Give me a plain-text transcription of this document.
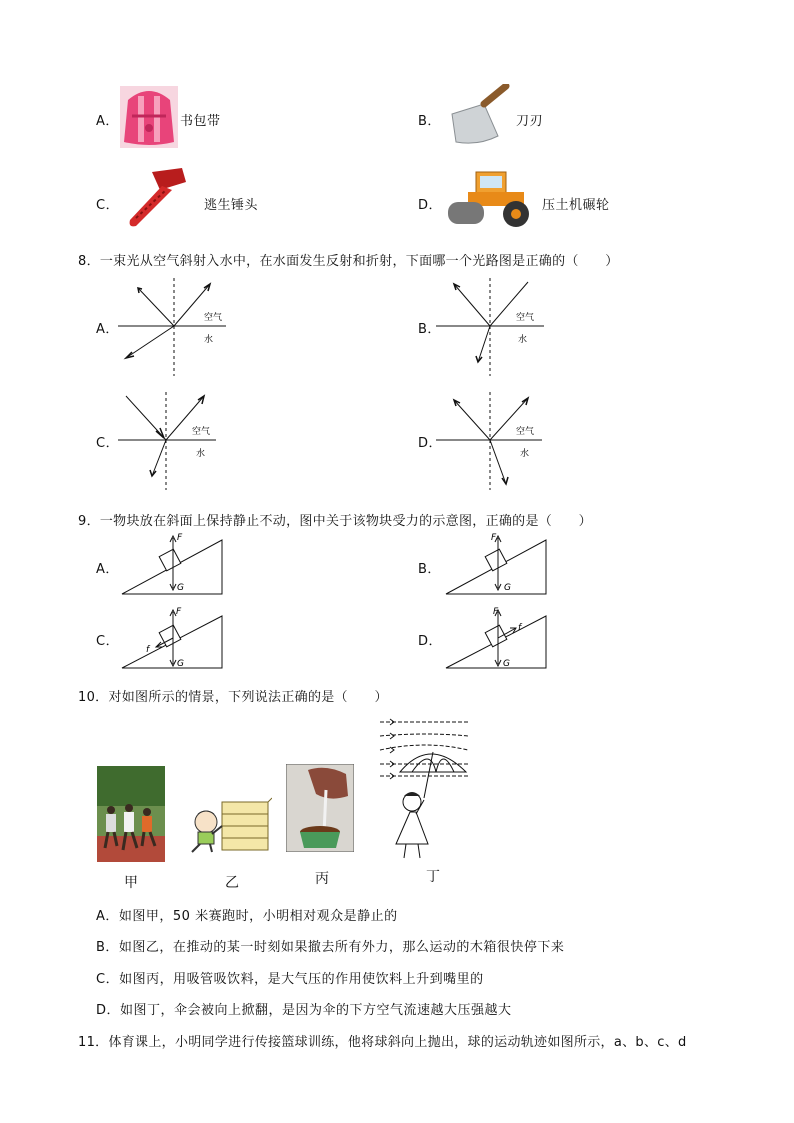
A．	书包带	B．	刀刃
C．	逃生锤头	D．	压土机碾轮
8．一束光从空气斜射入水中，在水面发生反射和折射，下面哪一个光路图是正确的（　　）
A．
空气
水
B．
空气
水
C．
空气
水
D．
空气
水
9．一物块放在斜面上保持静止不动，图中关于该物块受力的示意图，正确的是（　　）
A．
F
G
B．
F
G
C．
F
f
G
D．
F
f
G
10．对如图所示的情景，下列说法正确的是（　　）
甲	乙	丙	丁
A．如图甲，50 米赛跑时，小明相对观众是静止的
B．如图乙，在推动的某一时刻如果撤去所有外力，那么运动的木箱很快停下来
C．如图丙，用吸管吸饮料，是大气压的作用使饮料上升到嘴里的
D．如图丁，伞会被向上掀翻，是因为伞的下方空气流速越大压强越大
11．体育课上，小明同学进行传接篮球训练，他将球斜向上抛出，球的运动轨迹如图所示，a、b、c、d
